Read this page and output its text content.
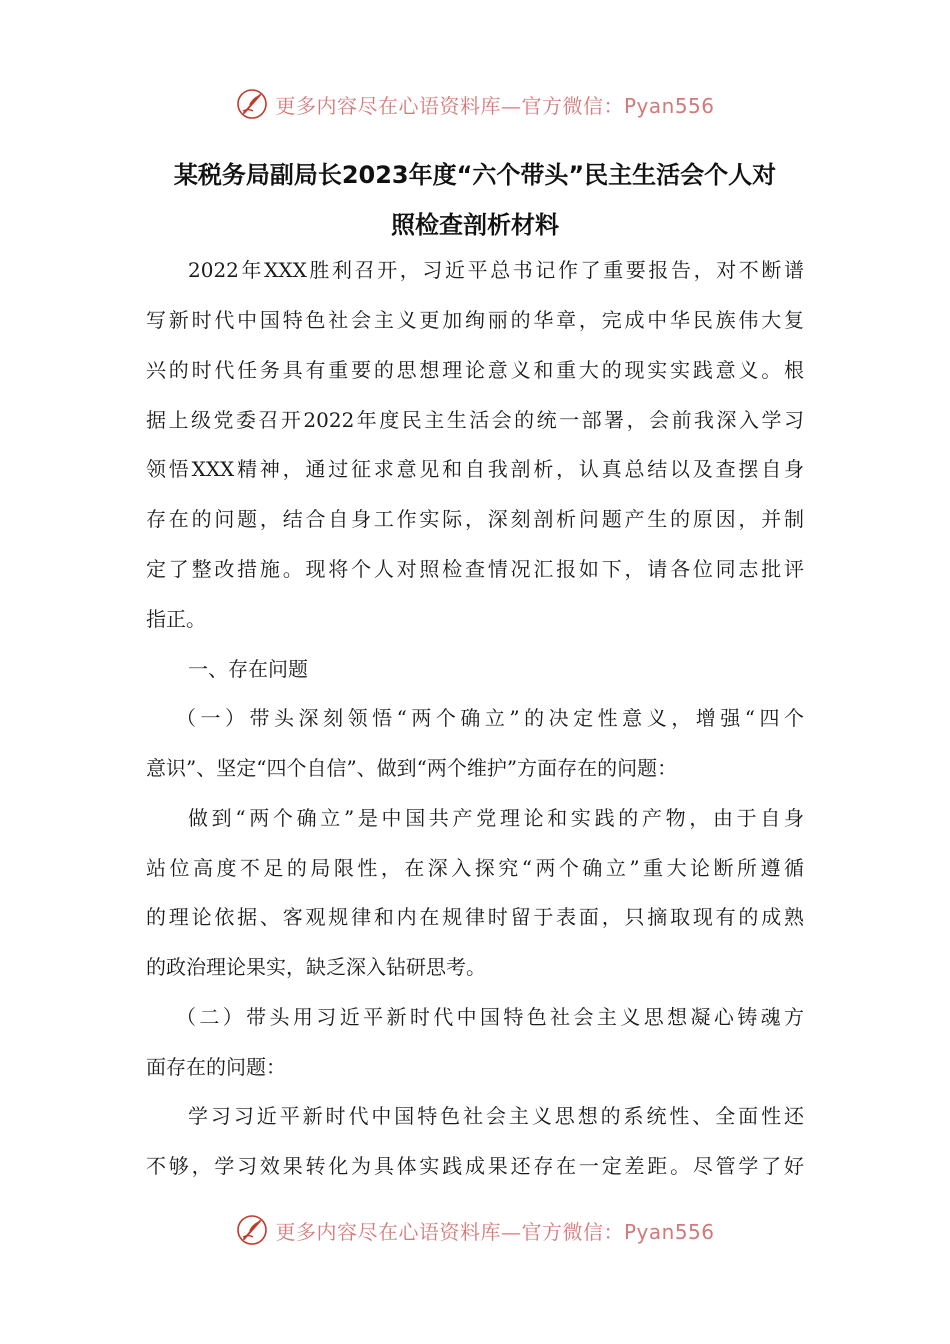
更多内容尽在心语资料库—官方微信：Pyan556
某税务局副局长2023年度“六个带头”民主生活会个人对
照检查剖析材料
2022年XXX胜利召开，习近平总书记作了重要报告，对不断谱
写新时代中国特色社会主义更加绚丽的华章，完成中华民族伟大复
兴的时代任务具有重要的思想理论意义和重大的现实实践意义。根
据上级党委召开2022年度民主生活会的统一部署，会前我深入学习
领悟XXX精神，通过征求意见和自我剖析，认真总结以及查摆自身
存在的问题，结合自身工作实际，深刻剖析问题产生的原因，并制
定了整改措施。现将个人对照检查情况汇报如下，请各位同志批评
指正。
一、存在问题
（一）带头深刻领悟“两个确立”的决定性意义，增强“四个
意识”、坚定“四个自信”、做到“两个维护”方面存在的问题：
做到“两个确立”是中国共产党理论和实践的产物，由于自身
站位高度不足的局限性，在深入探究“两个确立”重大论断所遵循
的理论依据、客观规律和内在规律时留于表面，只摘取现有的成熟
的政治理论果实，缺乏深入钻研思考。
（二）带头用习近平新时代中国特色社会主义思想凝心铸魂方
面存在的问题：
学习习近平新时代中国特色社会主义思想的系统性、全面性还
不够，学习效果转化为具体实践成果还存在一定差距。尽管学了好
更多内容尽在心语资料库—官方微信：Pyan556
